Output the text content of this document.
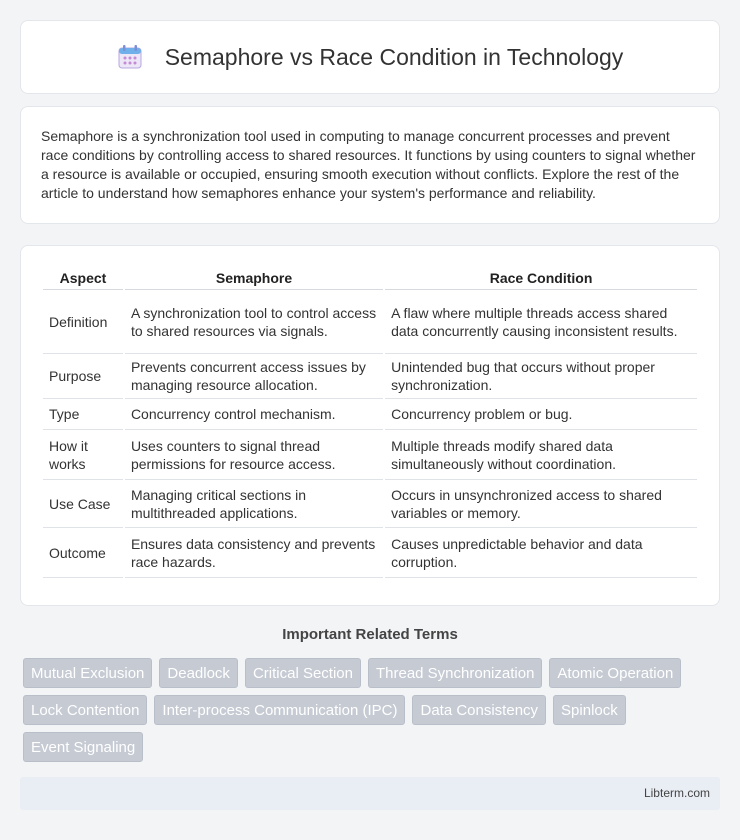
Semaphore vs Race Condition in Technology

Semaphore is a synchronization tool used in computing to manage concurrent processes and prevent race conditions by controlling access to shared resources. It functions by using counters to signal whether a resource is available or occupied, ensuring smooth execution without conflicts. Explore the rest of the article to understand how semaphores enhance your system's performance and reliability.

Aspect	Semaphore	Race Condition
Definition	A synchronization tool to control access to shared resources via signals.	A flaw where multiple threads access shared data concurrently causing inconsistent results.
Purpose	Prevents concurrent access issues by managing resource allocation.	Unintended bug that occurs without proper synchronization.
Type	Concurrency control mechanism.	Concurrency problem or bug.
How it works	Uses counters to signal thread permissions for resource access.	Multiple threads modify shared data simultaneously without coordination.
Use Case	Managing critical sections in multithreaded applications.	Occurs in unsynchronized access to shared variables or memory.
Outcome	Ensures data consistency and prevents race hazards.	Causes unpredictable behavior and data corruption.
Important Related Terms
Mutual Exclusion	Deadlock	Critical Section	Thread Synchronization	Atomic Operation
Lock Contention	Inter-process Communication (IPC)	Data Consistency	Spinlock
Event Signaling
Libterm.com
